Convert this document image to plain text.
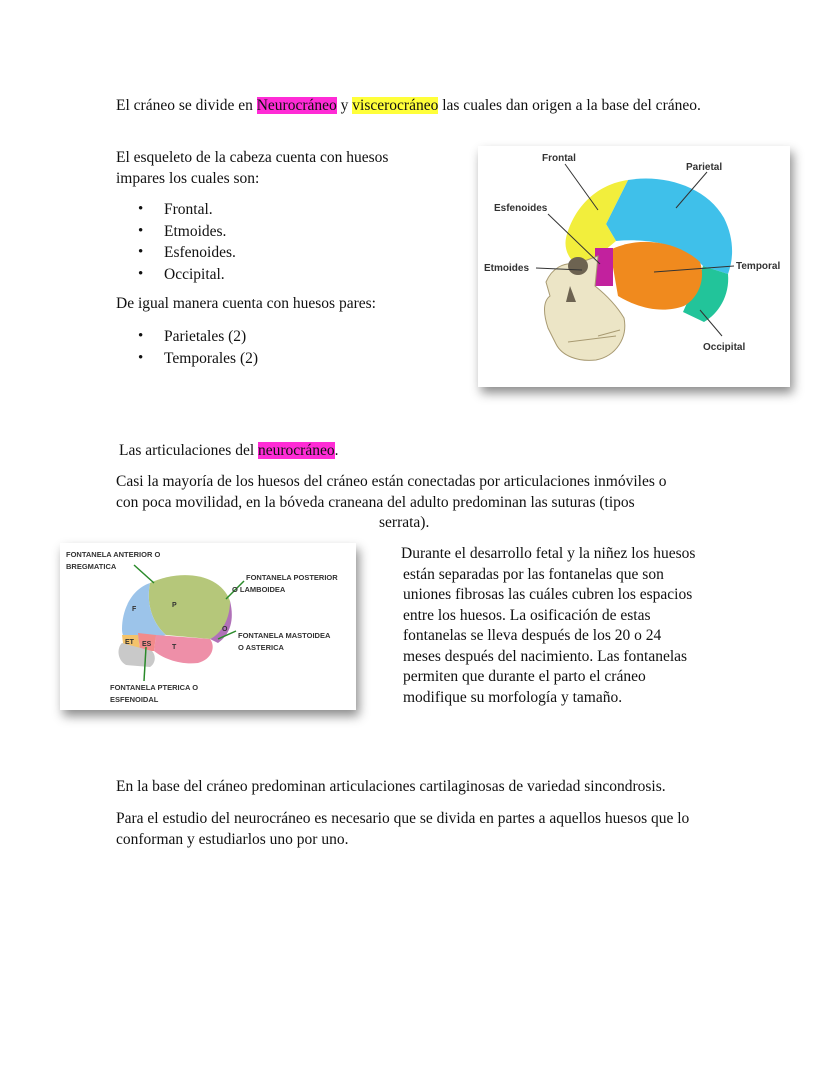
El cráneo se divide en Neurocráneo y viscerocráneo las cuales dan origen a la base del cráneo.
El esqueleto de la cabeza cuenta con huesos impares los cuales son:
• Frontal.
• Etmoides.
• Esfenoides.
• Occipital.
De igual manera cuenta con huesos pares:
• Parietales (2)
• Temporales (2)
Frontal
Parietal
Esfenoides
Etmoides	Temporal
Occipital
Las articulaciones del neurocráneo.
Casi la mayoría de los huesos del cráneo están conectadas por articulaciones inmóviles o
con poca movilidad, en la bóveda craneana del adulto predominan las suturas (tipos
serrata).
FONTANELA ANTERIOR O
BREGMATICA
FONTANELA POSTERIOR
O LAMBOIDEA
FONTANELA MASTOIDEA
O ASTERICA
FONTANELA PTERICA O
ESFENOIDAL
F
P
O
ET ES	T
Durante el desarrollo fetal y la niñez los huesos
están separadas por las fontanelas que son
uniones fibrosas las cuáles cubren los espacios
entre los huesos. La osificación de estas
fontanelas se lleva después de los 20 o 24
meses después del nacimiento. Las fontanelas
permiten que durante el parto el cráneo
modifique su morfología y tamaño.
En la base del cráneo predominan articulaciones cartilaginosas de variedad sincondrosis.
Para el estudio del neurocráneo es necesario que se divida en partes a aquellos huesos que lo conforman y estudiarlos uno por uno.
